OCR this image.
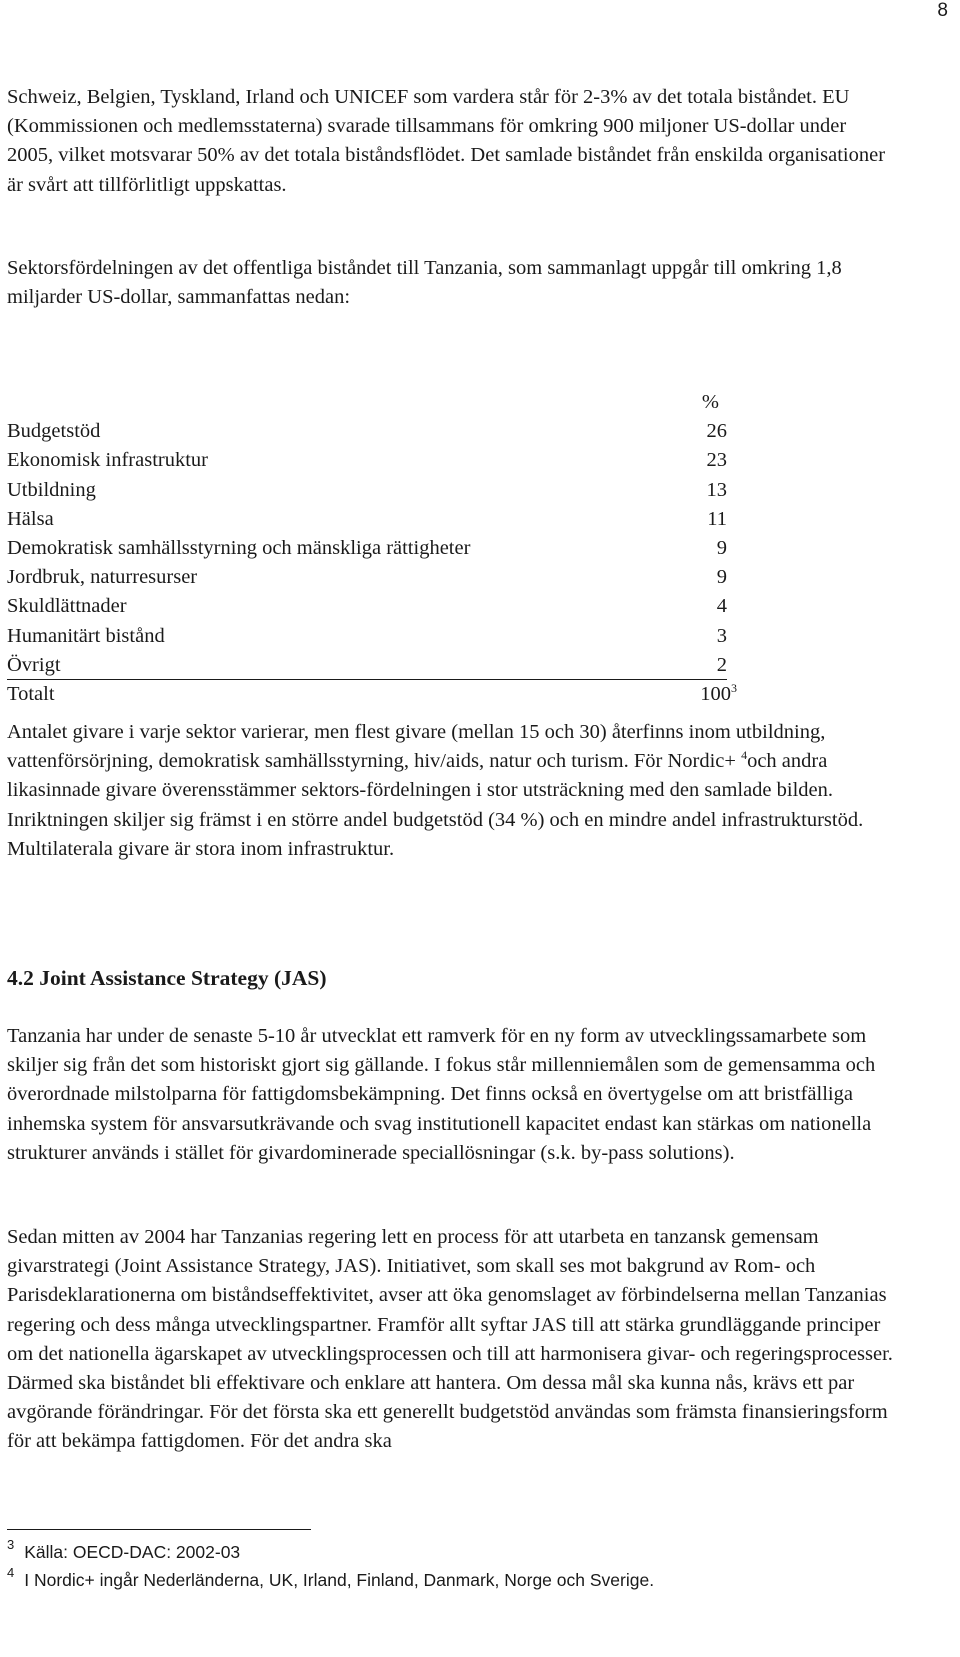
8

Schweiz, Belgien, Tyskland, Irland och UNICEF som vardera står för 2-3% av det totala biståndet. EU (Kommissionen och medlemsstaterna) svarade tillsammans för omkring 900 miljoner US-dollar under 2005, vilket motsvarar 50% av det totala biståndsflödet. Det samlade biståndet från enskilda organisationer är svårt att tillförlitligt uppskattas.

Sektorsfördelningen av det offentliga biståndet till Tanzania, som sammanlagt uppgår till omkring 1,8 miljarder US-dollar, sammanfattas nedan:

%
Budgetstöd	26
Ekonomisk infrastruktur	23
Utbildning	13
Hälsa	11
Demokratisk samhällsstyrning och mänskliga rättigheter	9
Jordbruk, naturresurser	9
Skuldlättnader	4
Humanitärt bistånd	3
Övrigt	2
Totalt	$100^3$

Antalet givare i varje sektor varierar, men flest givare (mellan 15 och 30) återfinns inom utbildning, vattenförsörjning, demokratisk samhällsstyrning, hiv/aids, natur och turism. För Nordic+ $^4$och andra likasinnade givare överensstämmer sektors-fördelningen i stor utsträckning med den samlade bilden. Inriktningen skiljer sig främst i en större andel budgetstöd (34 %) och en mindre andel infrastrukturstöd. Multilaterala givare är stora inom infrastruktur.

4.2 Joint Assistance Strategy (JAS)

Tanzania har under de senaste 5-10 år utvecklat ett ramverk för en ny form av utvecklingssamarbete som skiljer sig från det som historiskt gjort sig gällande. I fokus står millenniemålen som de gemensamma och överordnade milstolparna för fattigdomsbekämpning. Det finns också en övertygelse om att bristfälliga inhemska system för ansvarsutkrävande och svag institutionell kapacitet endast kan stärkas om nationella strukturer används i stället för givardominerade speciallösningar (s.k. by-pass solutions).

Sedan mitten av 2004 har Tanzanias regering lett en process för att utarbeta en tanzansk gemensam givarstrategi (Joint Assistance Strategy, JAS). Initiativet, som skall ses mot bakgrund av Rom- och Parisdeklarationerna om biståndseffektivitet, avser att öka genomslaget av förbindelserna mellan Tanzanias regering och dess många utvecklingspartner. Framför allt syftar JAS till att stärka grundläggande principer om det nationella ägarskapet av utvecklingsprocessen och till att harmonisera givar- och regeringsprocesser. Därmed ska biståndet bli effektivare och enklare att hantera. Om dessa mål ska kunna nås, krävs ett par avgörande förändringar. För det första ska ett generellt budgetstöd användas som främsta finansieringsform för att bekämpa fattigdomen. För det andra ska

$^3$ Källa: OECD-DAC: 2002-03
$^4$ I Nordic+ ingår Nederländerna, UK, Irland, Finland, Danmark, Norge och Sverige.
